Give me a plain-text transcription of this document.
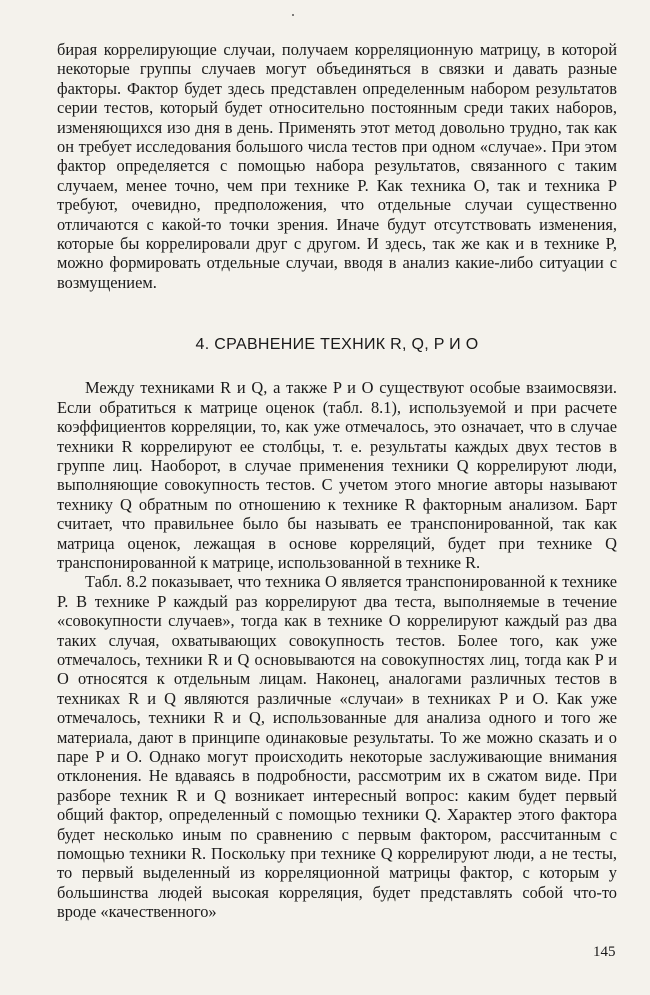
бирая коррелирующие случаи, получаем корреляционную матрицу, в которой некоторые группы случаев могут объединяться в связки и давать разные факторы. Фактор будет здесь представлен определенным набором результатов серии тестов, который будет относительно постоянным среди таких наборов, изменяющихся изо дня в день. Применять этот метод довольно трудно, так как он требует исследования большого числа тестов при одном «случае». При этом фактор определяется с помощью набора результатов, связанного с таким случаем, менее точно, чем при технике P. Как техника O, так и техника P требуют, очевидно, предположения, что отдельные случаи существенно отличаются с какой-то точки зрения. Иначе будут отсутствовать изменения, которые бы коррелировали друг с другом. И здесь, так же как и в технике P, можно формировать отдельные случаи, вводя в анализ какие-либо ситуации с возмущением.

4. СРАВНЕНИЕ ТЕХНИК R, Q, P И O

Между техниками R и Q, а также P и O существуют особые взаимосвязи. Если обратиться к матрице оценок (табл. 8.1), используемой и при расчете коэффициентов корреляции, то, как уже отмечалось, это означает, что в случае техники R коррелируют ее столбцы, т. е. результаты каждых двух тестов в группе лиц. Наоборот, в случае применения техники Q коррелируют люди, выполняющие совокупность тестов. С учетом этого многие авторы называют технику Q обратным по отношению к технике R факторным анализом. Барт считает, что правильнее было бы называть ее транспонированной, так как матрица оценок, лежащая в основе корреляций, будет при технике Q транспонированной к матрице, использованной в технике R.

Табл. 8.2 показывает, что техника O является транспонированной к технике P. В технике P каждый раз коррелируют два теста, выполняемые в течение «совокупности случаев», тогда как в технике O коррелируют каждый раз два таких случая, охватывающих совокупность тестов. Более того, как уже отмечалось, техники R и Q основываются на совокупностях лиц, тогда как P и O относятся к отдельным лицам. Наконец, аналогами различных тестов в техниках R и Q являются различные «случаи» в техниках P и O. Как уже отмечалось, техники R и Q, использованные для анализа одного и того же материала, дают в принципе одинаковые результаты. То же можно сказать и о паре P и O. Однако могут происходить некоторые заслуживающие внимания отклонения. Не вдаваясь в подробности, рассмотрим их в сжатом виде. При разборе техник R и Q возникает интересный вопрос: каким будет первый общий фактор, определенный с помощью техники Q. Характер этого фактора будет несколько иным по сравнению с первым фактором, рассчитанным с помощью техники R. Поскольку при технике Q коррелируют люди, а не тесты, то первый выделенный из корреляционной матрицы фактор, с которым у большинства людей высокая корреляция, будет представлять собой что-то вроде «качественного»

145
